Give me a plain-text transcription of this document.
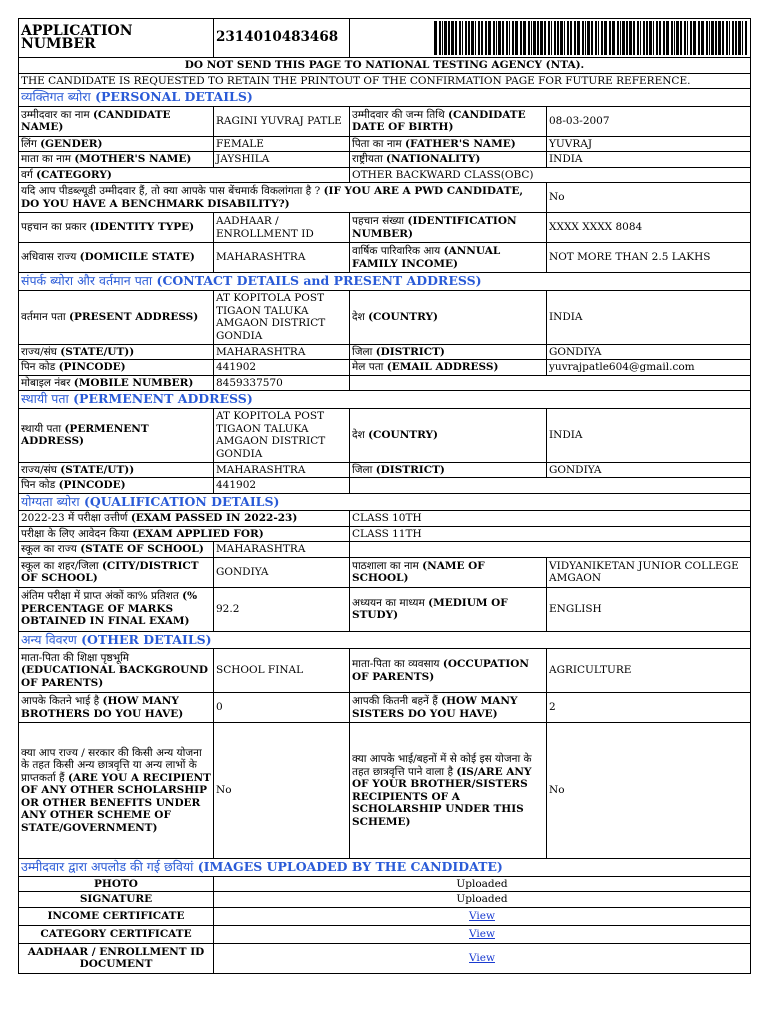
APPLICATION NUMBER	2314010483468	

DO NOT SEND THIS PAGE TO NATIONAL TESTING AGENCY (NTA).			
THE CANDIDATE IS REQUESTED TO RETAIN THE PRINTOUT OF THE CONFIRMATION PAGE FOR FUTURE REFERENCE.			
व्यक्तिगत ब्योरा (PERSONAL DETAILS)			
उम्मीदवार का नाम (CANDIDATE NAME)	RAGINI YUVRAJ PATLE	उम्मीदवार की जन्म तिथि (CANDIDATE DATE OF BIRTH)	08-03-2007
लिंग (GENDER)	FEMALE	पिता का नाम (FATHER'S NAME)	YUVRAJ
माता का नाम (MOTHER'S NAME)	JAYSHILA	राष्ट्रीयता (NATIONALITY)	INDIA
वर्ग (CATEGORY)		OTHER BACKWARD CLASS(OBC)	
यदि आप पीडब्ल्यूडी उम्मीदवार हैं, तो क्या आपके पास बेंचमार्क विकलांगता है ? (IF YOU ARE A PWD CANDIDATE, DO YOU HAVE A BENCHMARK DISABILITY?)			No
पहचान का प्रकार (IDENTITY TYPE)	AADHAAR / ENROLLMENT ID	पहचान संख्या (IDENTIFICATION NUMBER)	XXXX XXXX 8084
अधिवास राज्य (DOMICILE STATE)	MAHARASHTRA	वार्षिक पारिवारिक आय (ANNUAL FAMILY INCOME)	NOT MORE THAN 2.5 LAKHS
संपर्क ब्योरा और वर्तमान पता (CONTACT DETAILS and PRESENT ADDRESS)			
वर्तमान पता (PRESENT ADDRESS)	AT KOPITOLA POST TIGAON TALUKA AMGAON DISTRICT GONDIA	देश (COUNTRY)	INDIA
राज्य/संघ (STATE/UT))	MAHARASHTRA	जिला (DISTRICT)	GONDIYA
पिन कोड (PINCODE)	441902	मेल पता (EMAIL ADDRESS)	yuvrajpatle604@gmail.com
मोबाइल नंबर (MOBILE NUMBER)	8459337570		
स्थायी पता (PERMENENT ADDRESS)			
स्थायी पता (PERMENENT ADDRESS)	AT KOPITOLA POST TIGAON TALUKA AMGAON DISTRICT GONDIA	देश (COUNTRY)	INDIA
राज्य/संघ (STATE/UT))	MAHARASHTRA	जिला (DISTRICT)	GONDIYA
पिन कोड (PINCODE)	441902		
योग्यता ब्योरा (QUALIFICATION DETAILS)			
2022-23 में परीक्षा उत्तीर्ण (EXAM PASSED IN 2022-23)		CLASS 10TH	
परीक्षा के लिए आवेदन किया (EXAM APPLIED FOR)		CLASS 11TH	
स्कूल का राज्य (STATE OF SCHOOL)	MAHARASHTRA		
स्कूल का शहर/जिला (CITY/DISTRICT OF SCHOOL)	GONDIYA	पाठशाला का नाम (NAME OF SCHOOL)	VIDYANIKETAN JUNIOR COLLEGE AMGAON
अंतिम परीक्षा में प्राप्त अंकों का% प्रतिशत (% PERCENTAGE OF MARKS OBTAINED IN FINAL EXAM)	92.2	अध्ययन का माध्यम (MEDIUM OF STUDY)	ENGLISH
अन्य विवरण (OTHER DETAILS)			
माता-पिता की शिक्षा पृष्ठभूमि (EDUCATIONAL BACKGROUND OF PARENTS)	SCHOOL FINAL	माता-पिता का व्यवसाय (OCCUPATION OF PARENTS)	AGRICULTURE
आपके कितने भाई है (HOW MANY BROTHERS DO YOU HAVE)	0	आपकी कितनी बहनें हैं (HOW MANY SISTERS DO YOU HAVE)	2
क्या आप राज्य / सरकार की किसी अन्य योजना के तहत किसी अन्य छात्रवृत्ति या अन्य लाभों के प्राप्तकर्ता हैं (ARE YOU A RECIPIENT OF ANY OTHER SCHOLARSHIP OR OTHER BENEFITS UNDER ANY OTHER SCHEME OF STATE/GOVERNMENT)	No	क्या आपके भाई/बहनों में से कोई इस योजना के तहत छात्रवृत्ति पाने वाला है (IS/ARE ANY OF YOUR BROTHER/SISTERS RECIPIENTS OF A SCHOLARSHIP UNDER THIS SCHEME)	No
उम्मीदवार द्वारा अपलोड की गई छवियां (IMAGES UPLOADED BY THE CANDIDATE)			
PHOTO	Uploaded		
SIGNATURE	Uploaded		
INCOME CERTIFICATE	View		
CATEGORY CERTIFICATE	View		
AADHAAR / ENROLLMENT ID DOCUMENT	View		
